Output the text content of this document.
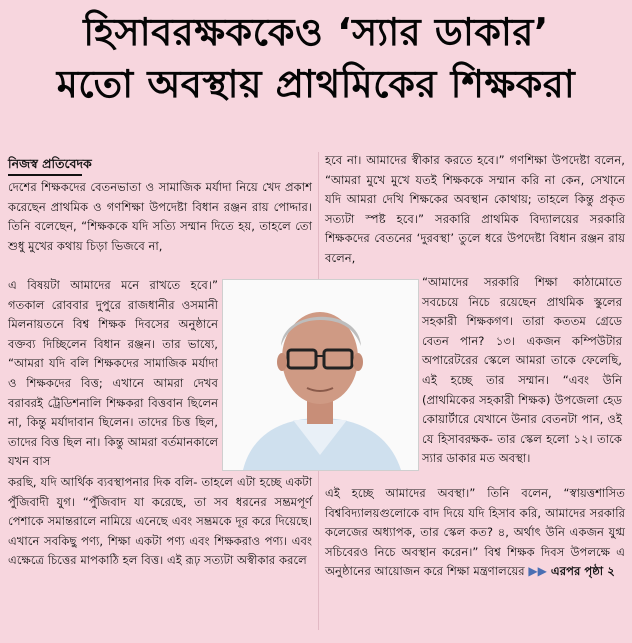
হিসাবরক্ষককেও ‘স্যার ডাকার’
মতো অবস্থায় প্রাথমিকের শিক্ষকরা
নিজস্ব প্রতিবেদক

দেশের শিক্ষকদের বেতনভাতা ও সামাজিক মর্যাদা নিয়ে খেদ প্রকাশ করেছেন প্রাথমিক ও গণশিক্ষা উপদেষ্টা বিধান রঞ্জন রায় পোদ্দার। তিনি বলেছেন, “শিক্ষককে যদি সত্যি সম্মান দিতে হয়, তাহলে তো শুধু মুখের কথায় চিড়া ভিজবে না,

এ বিষয়টা আমাদের মনে রাখতে হবে।” গতকাল রোববার দুপুরে রাজধানীর ওসমানী মিলনায়তনে বিশ্ব শিক্ষক দিবসের অনুষ্ঠানে বক্তব্য দিচ্ছিলেন বিধান রঞ্জন। তার ভাষ্যে, “আমরা যদি বলি শিক্ষকদের সামাজিক মর্যাদা ও শিক্ষকদের বিত্ত; এখানে আমরা দেখব বরাবরই ট্রেডিশনালি শিক্ষকরা বিত্তবান ছিলেন না, কিন্তু মর্যাদাবান ছিলেন। তাদের চিত্ত ছিল, তাদের বিত্ত ছিল না। কিন্তু আমরা বর্তমানকালে যখন বাস

হবে না। আমাদের স্বীকার করতে হবে।” গণশিক্ষা উপদেষ্টা বলেন, “আমরা মুখে মুখে যতই শিক্ষককে সম্মান করি না কেন, সেখানে যদি আমরা দেখি শিক্ষকের অবস্থান কোথায়; তাহলে কিন্তু প্রকৃত সত্যটা স্পষ্ট হবে।” সরকারি প্রাথমিক বিদ্যালয়ের সরকারি শিক্ষকদের বেতনের ‘দুরবস্থা’ তুলে ধরে উপদেষ্টা বিধান রঞ্জন রায় বলেন,

“আমাদের সরকারি শিক্ষা কাঠামোতে সবচেয়ে নিচে রয়েছেন প্রাথমিক স্কুলের সহকারী শিক্ষকগণ। তারা কততম গ্রেডে বেতন পান? ১৩। একজন কম্পিউটার অপারেটরের স্কেলে আমরা তাকে ফেলেছি, এই হচ্ছে তার সম্মান। “এবং উনি (প্রাথমিকের সহকারী শিক্ষক) উপজেলা হেড কোয়ার্টারে যেখানে উনার বেতনটা পান, ওই যে হিসাবরক্ষক- তার স্কেল হলো ১২। তাকে স্যার ডাকার মত অবস্থা।

করছি, যদি আর্থিক ব্যবস্থাপনার দিক বলি- তাহলে এটা হচ্ছে একটা পুঁজিবাদী যুগ। “পুঁজিবাদ যা করেছে, তা সব ধরনের সম্ভ্রমপূর্ণ পেশাকে সমান্তরালে নামিয়ে এনেছে এবং সম্ভ্রমকে দূর করে দিয়েছে। এখানে সবকিছু পণ্য, শিক্ষা একটা পণ্য এবং শিক্ষকরাও পণ্য। এবং এক্ষেত্রে চিত্তের মাপকাঠি হল বিত্ত। এই রূঢ় সত্যটা অস্বীকার করলে

এই হচ্ছে আমাদের অবস্থা।” তিনি বলেন, “স্বায়ত্তশাসিত বিশ্ববিদ্যালয়গুলোকে বাদ দিয়ে যদি হিসাব করি, আমাদের সরকারি কলেজের অধ্যাপক, তার স্কেল কত? ৪, অর্থাৎ উনি একজন যুগ্ম সচিবেরও নিচে অবস্থান করেন।” বিশ্ব শিক্ষক দিবস উপলক্ষে এ অনুষ্ঠানের আয়োজন করে শিক্ষা মন্ত্রণালয়ের ▶▶ এরপর পৃষ্ঠা ২
